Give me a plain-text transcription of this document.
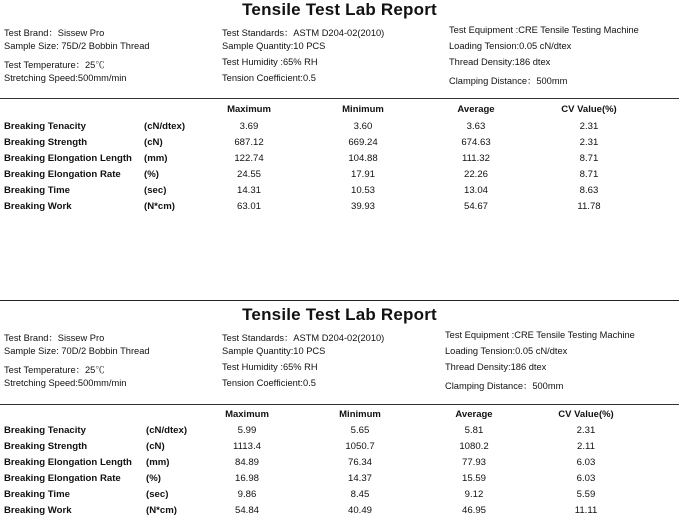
Tensile Test Lab Report
Test Brand：Sissew Pro
Sample Size: 75D/2 Bobbin Thread
Test Temperature：25℃
Stretching Speed:500mm/min
Test Standards：ASTM D204-02(2010)
Sample Quantity:10 PCS
Test Humidity :65% RH
Tension Coefficient:0.5
Test Equipment :CRE Tensile Testing Machine
Loading Tension:0.05 cN/dtex
Thread Density:186 dtex
Clamping Distance：500mm
Maximum	Minimum	Average	CV Value(%)
Breaking Tenacity	(cN/dtex)	3.69	3.60	3.63	2.31
Breaking Strength	(cN)	687.12	669.24	674.63	2.31
Breaking Elongation Length (mm)	122.74	104.88	111.32	8.71
Breaking Elongation Rate (%)	24.55	17.91	22.26	8.71
Breaking Time	(sec)	14.31	10.53	13.04	8.63
Breaking Work	(N*cm)	63.01	39.93	54.67	11.78
Tensile Test Lab Report
Test Brand：Sissew Pro
Sample Size: 70D/2 Bobbin Thread
Test Temperature：25℃
Stretching Speed:500mm/min
Test Standards：ASTM D204-02(2010)
Sample Quantity:10 PCS
Test Humidity :65% RH
Tension Coefficient:0.5
Test Equipment :CRE Tensile Testing Machine
Loading Tension:0.05 cN/dtex
Thread Density:186 dtex
Clamping Distance：500mm
Maximum	Minimum	Average	CV Value(%)
Breaking Tenacity	(cN/dtex)	5.99	5.65	5.81	2.31
Breaking Strength	(cN)	1113.4	1050.7	1080.2	2.11
Breaking Elongation Length (mm)	84.89	76.34	77.93	6.03
Breaking Elongation Rate	(%)	16.98	14.37	15.59	6.03
Breaking Time	(sec)	9.86	8.45	9.12	5.59
Breaking Work	(N*cm)	54.84	40.49	46.95	11.11
